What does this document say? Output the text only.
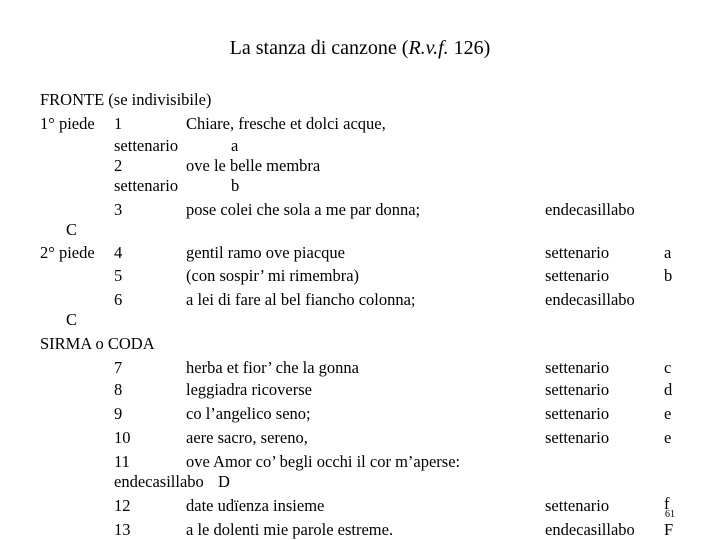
La stanza di canzone (R.v.f. 126)
FRONTE (se indivisibile)
1° piede 1	Chiare, fresche et dolci acque,
settenario	a
2	ove le belle membra
settenario	b
3	pose colei che sola a me par donna;	endecasillabo
C
2° piede 4	gentil ramo ove piacque	settenario	a
5	(con sospir’ mi rimembra)	settenario	b
6	a lei di fare al bel fiancho colonna;	endecasillabo
C
SIRMA o CODA
7	herba et fior’ che la gonna	settenario	c
8	leggiadra ricoverse	settenario	d
9	co l’angelico seno;	settenario	e
10	aere sacro, sereno,	settenario	e
11	ove Amor co’ begli occhi il cor m’aperse:
endecasillabo D
12	date udïenza insieme	settenario	f
61
13	a le dolenti mie parole estreme.	endecasillabo F
